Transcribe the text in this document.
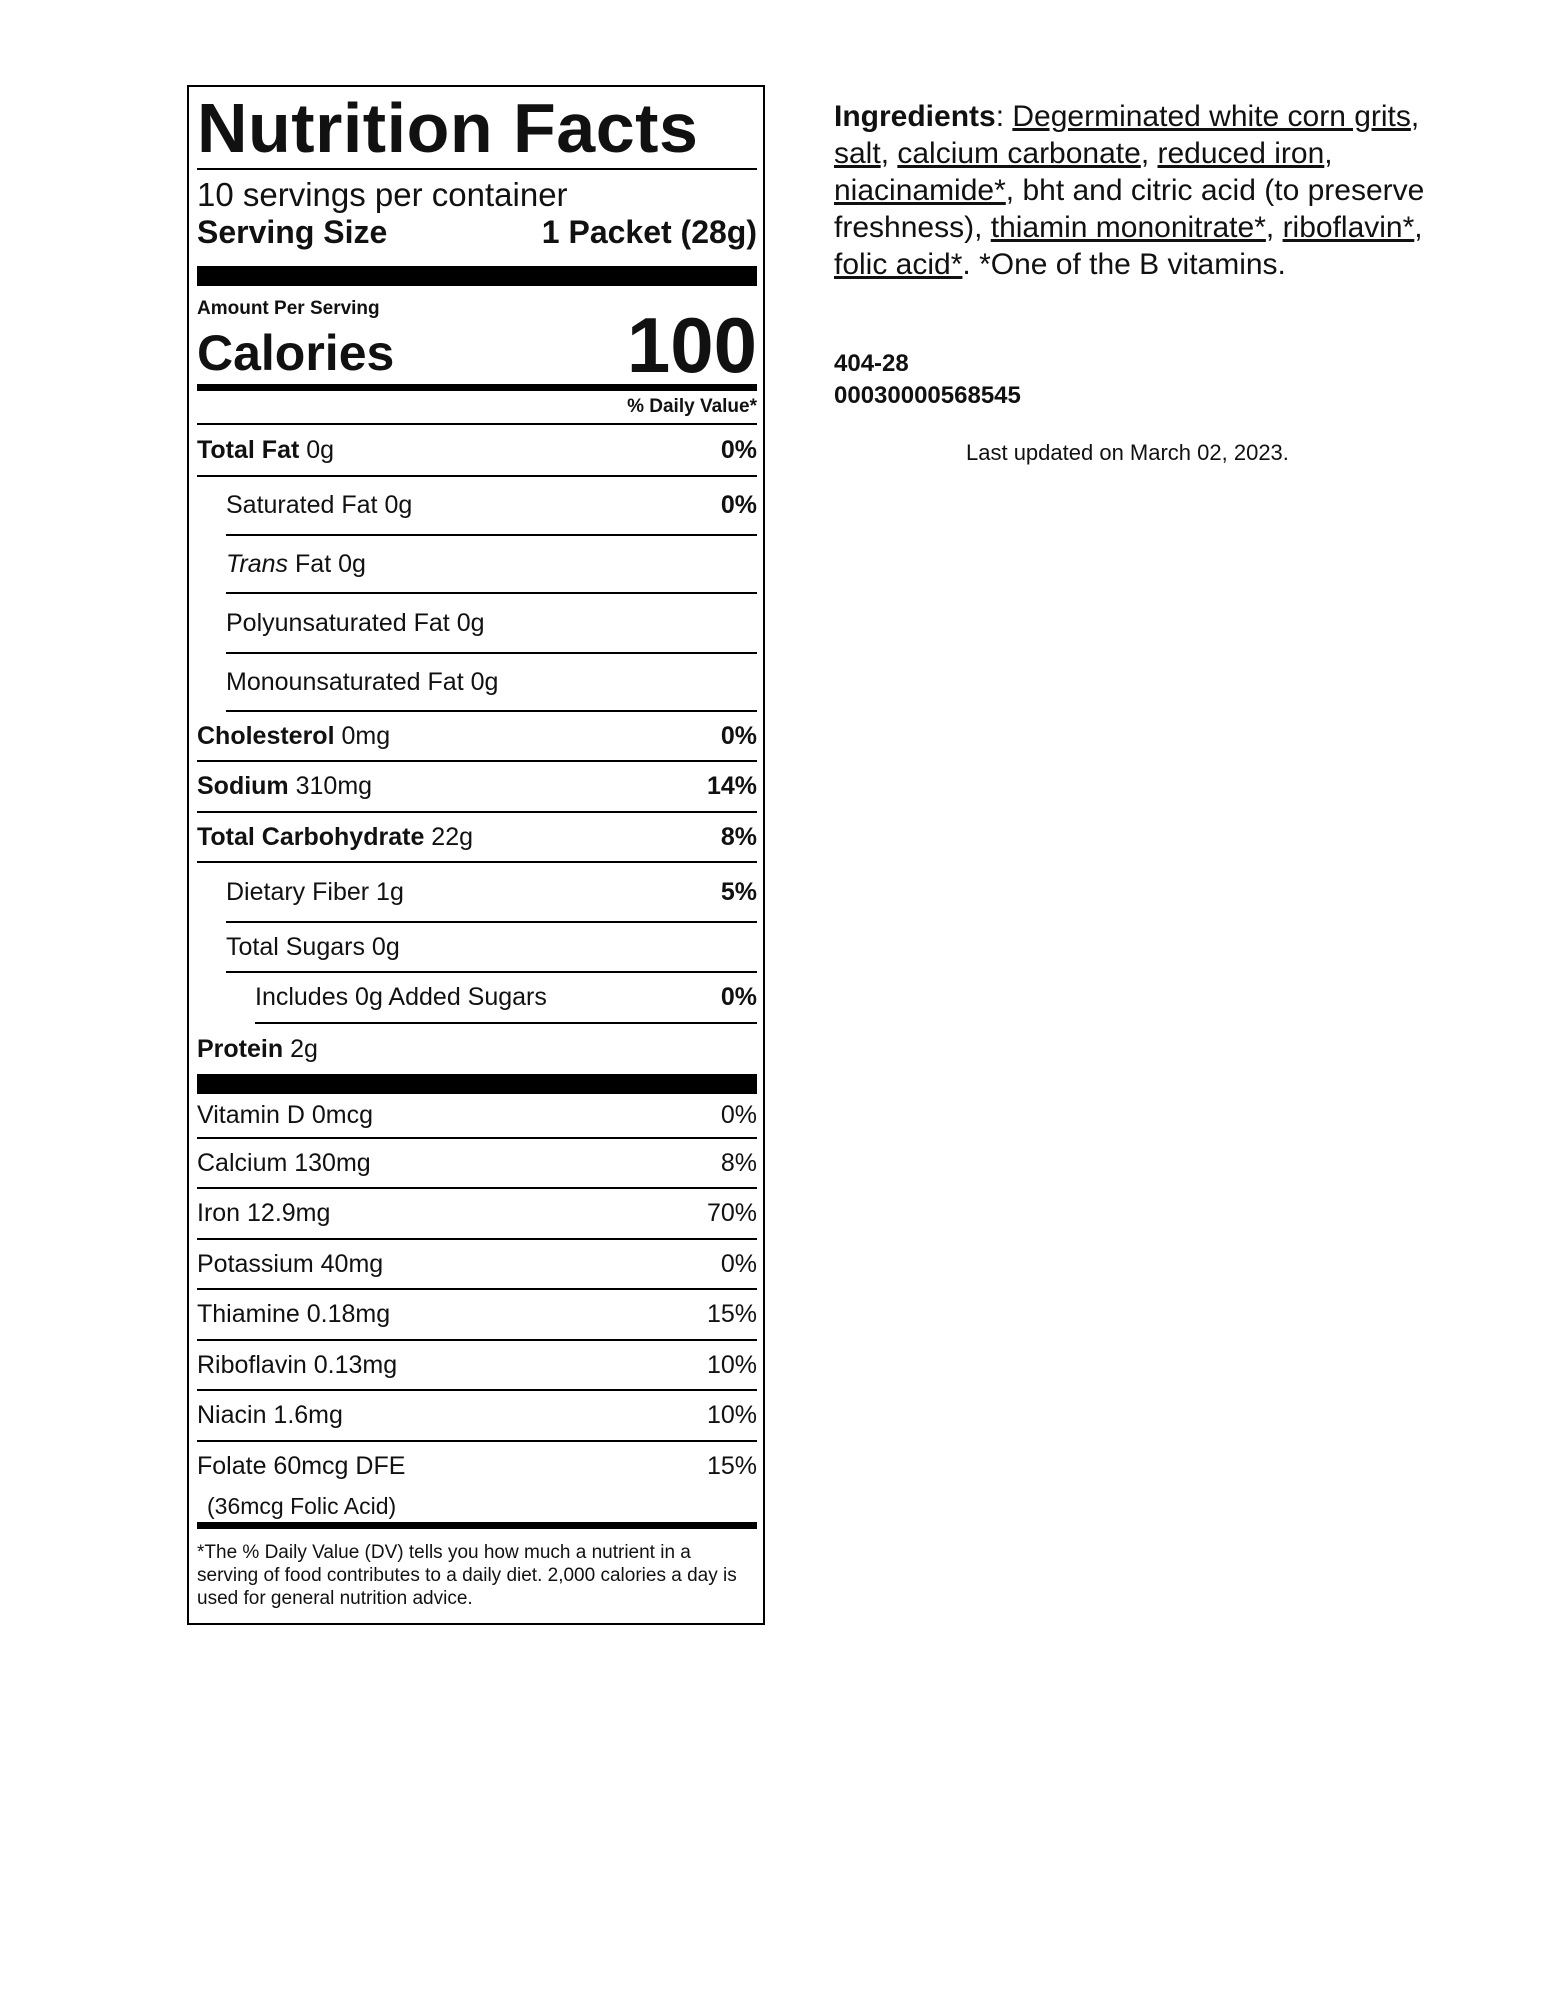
Nutrition Facts
10 servings per container
Serving Size	1 Packet (28g)
Amount Per Serving
Calories	100
% Daily Value*
Total Fat 0g	0%
Saturated Fat 0g	0%
Trans Fat 0g
Polyunsaturated Fat 0g
Monounsaturated Fat 0g
Cholesterol 0mg	0%
Sodium 310mg	14%
Total Carbohydrate 22g	8%
Dietary Fiber 1g	5%
Total Sugars 0g
Includes 0g Added Sugars	0%
Protein 2g
Vitamin D 0mcg	0%
Calcium 130mg	8%
Iron 12.9mg	70%
Potassium 40mg	0%
Thiamine 0.18mg	15%
Riboflavin 0.13mg	10%
Niacin 1.6mg	10%
Folate 60mcg DFE	15%
(36mcg Folic Acid)
*The % Daily Value (DV) tells you how much a nutrient in a serving of food contributes to a daily diet. 2,000 calories a day is used for general nutrition advice.
Ingredients: Degerminated white corn grits, salt, calcium carbonate, reduced iron, niacinamide*, bht and citric acid (to preserve freshness), thiamin mononitrate*, riboflavin*, folic acid*. *One of the B vitamins.
404-28
00030000568545
Last updated on March 02, 2023.
